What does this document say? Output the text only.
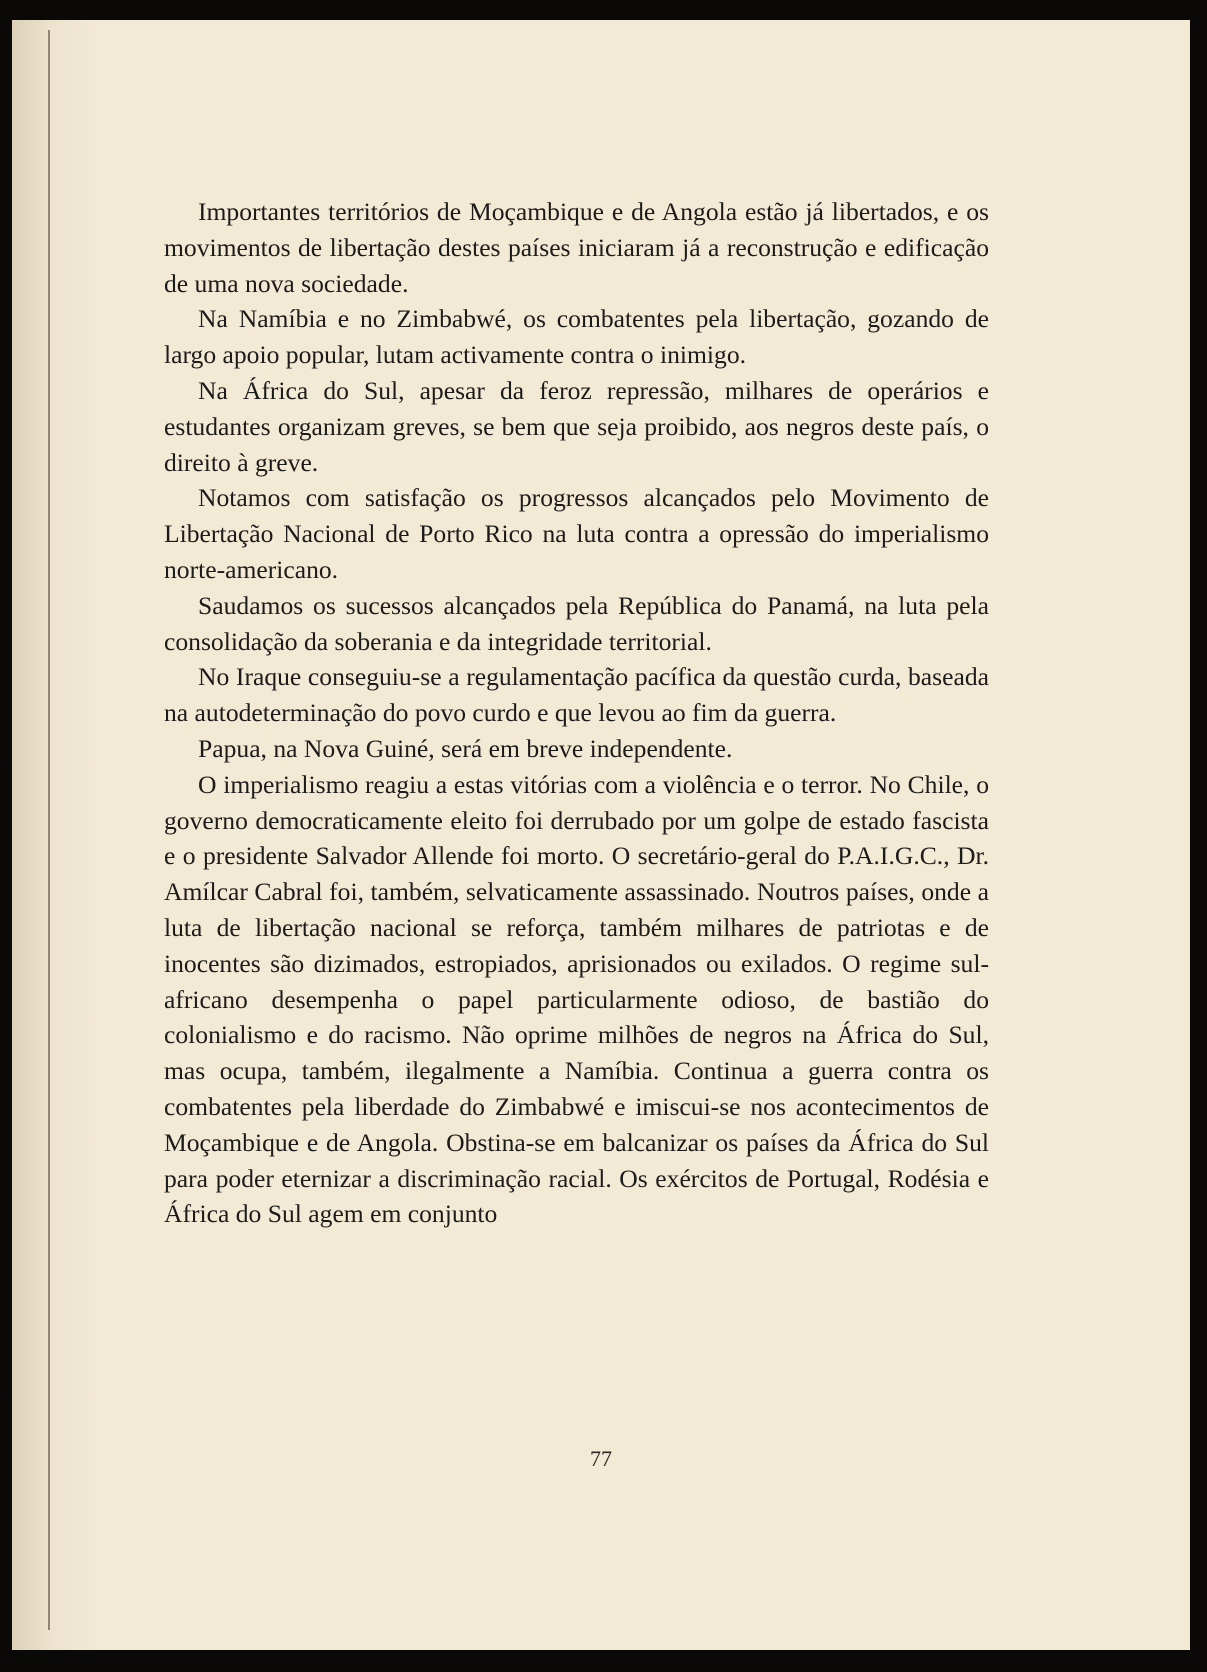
Importantes territórios de Moçambique e de Angola estão já libertados, e os movimentos de libertação destes países iniciaram já a reconstrução e edificação de uma nova sociedade.

Na Namíbia e no Zimbabwé, os combatentes pela libertação, gozando de largo apoio popular, lutam activamente contra o inimigo.

Na África do Sul, apesar da feroz repressão, milhares de operários e estudantes organizam greves, se bem que seja proibido, aos negros deste país, o direito à greve.

Notamos com satisfação os progressos alcançados pelo Movimento de Libertação Nacional de Porto Rico na luta contra a opressão do imperialismo norte-americano.

Saudamos os sucessos alcançados pela República do Panamá, na luta pela consolidação da soberania e da integridade territorial.

No Iraque conseguiu-se a regulamentação pacífica da questão curda, baseada na autodeterminação do povo curdo e que levou ao fim da guerra.

Papua, na Nova Guiné, será em breve independente.

O imperialismo reagiu a estas vitórias com a violência e o terror. No Chile, o governo democraticamente eleito foi derrubado por um golpe de estado fascista e o presidente Salvador Allende foi morto. O secretário-geral do P.A.I.G.C., Dr. Amílcar Cabral foi, também, selvaticamente assassinado. Noutros países, onde a luta de libertação nacional se reforça, também milhares de patriotas e de inocentes são dizimados, estropiados, aprisionados ou exilados. O regime sul-africano desempenha o papel particularmente odioso, de bastião do colonialismo e do racismo. Não oprime milhões de negros na África do Sul, mas ocupa, também, ilegalmente a Namíbia. Continua a guerra contra os combatentes pela liberdade do Zimbabwé e imiscui-se nos acontecimentos de Moçambique e de Angola. Obstina-se em balcanizar os países da África do Sul para poder eternizar a discriminação racial. Os exércitos de Portugal, Rodésia e África do Sul agem em conjunto

77
